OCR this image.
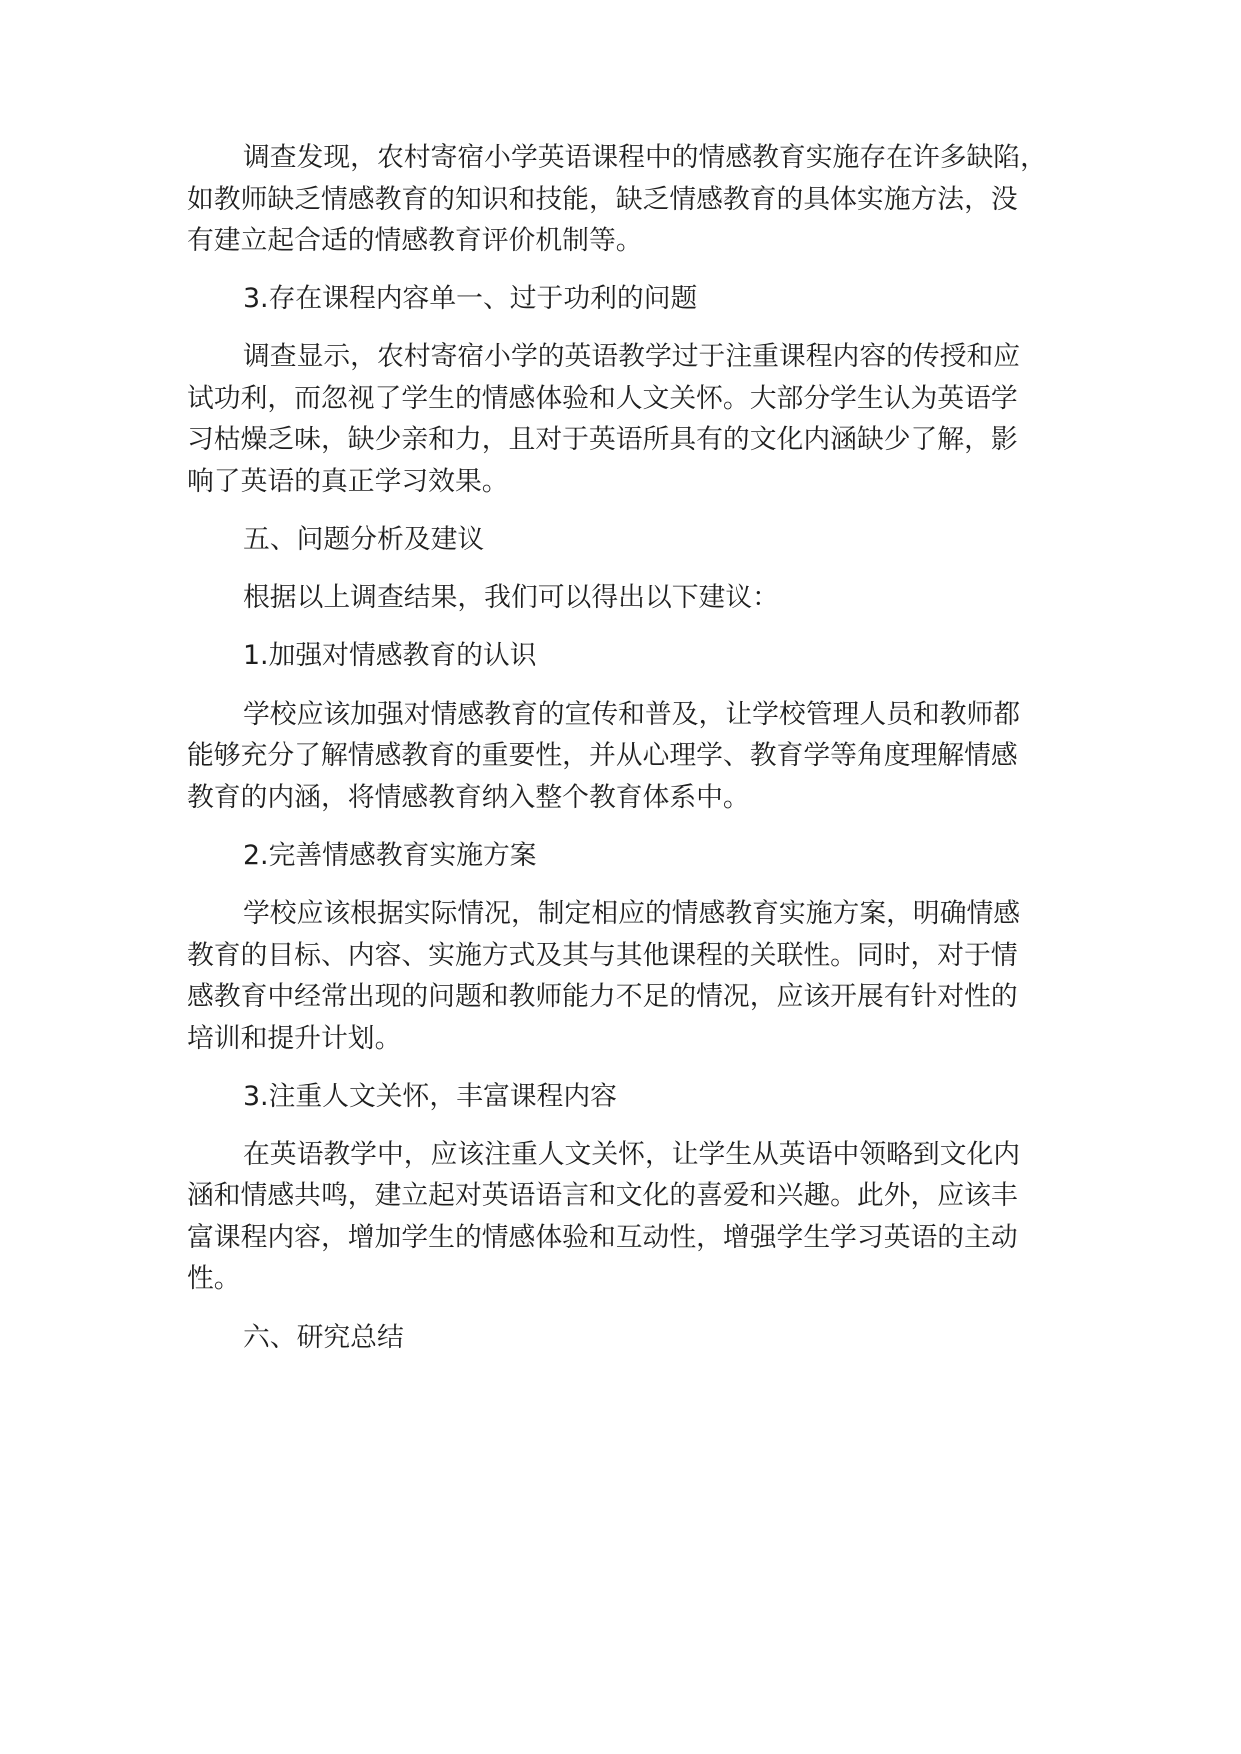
调查发现，农村寄宿小学英语课程中的情感教育实施存在许多缺陷，
如教师缺乏情感教育的知识和技能，缺乏情感教育的具体实施方法，没
有建立起合适的情感教育评价机制等。
3.存在课程内容单一、过于功利的问题
调查显示，农村寄宿小学的英语教学过于注重课程内容的传授和应
试功利，而忽视了学生的情感体验和人文关怀。大部分学生认为英语学
习枯燥乏味，缺少亲和力，且对于英语所具有的文化内涵缺少了解，影
响了英语的真正学习效果。
五、问题分析及建议
根据以上调查结果，我们可以得出以下建议：
1.加强对情感教育的认识
学校应该加强对情感教育的宣传和普及，让学校管理人员和教师都
能够充分了解情感教育的重要性，并从心理学、教育学等角度理解情感
教育的内涵，将情感教育纳入整个教育体系中。
2.完善情感教育实施方案
学校应该根据实际情况，制定相应的情感教育实施方案，明确情感
教育的目标、内容、实施方式及其与其他课程的关联性。同时，对于情
感教育中经常出现的问题和教师能力不足的情况，应该开展有针对性的
培训和提升计划。
3.注重人文关怀，丰富课程内容
在英语教学中，应该注重人文关怀，让学生从英语中领略到文化内
涵和情感共鸣，建立起对英语语言和文化的喜爱和兴趣。此外，应该丰
富课程内容，增加学生的情感体验和互动性，增强学生学习英语的主动
性。
六、研究总结
